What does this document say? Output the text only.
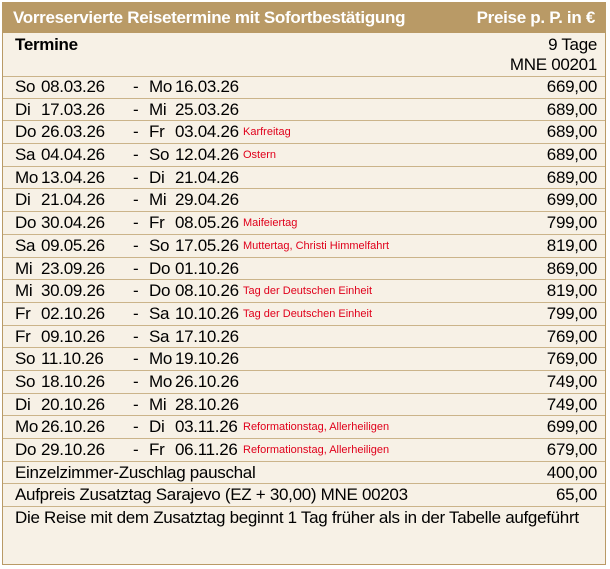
Vorreservierte Reisetermine mit Sofortbestätigung	Preise p. P. in €
Termine	9 Tage
MNE 00201
So 08.03.26 - Mo 16.03.26	669,00
Di 17.03.26 - Mi 25.03.26	689,00
Do 26.03.26 - Fr 03.04.26 Karfreitag	689,00
Sa 04.04.26 - So 12.04.26 Ostern	689,00
Mo 13.04.26 - Di 21.04.26	689,00
Di 21.04.26 - Mi 29.04.26	699,00
Do 30.04.26 - Fr 08.05.26 Maifeiertag	799,00
Sa 09.05.26 - So 17.05.26 Muttertag, Christi Himmelfahrt	819,00
Mi 23.09.26 - Do 01.10.26	869,00
Mi 30.09.26 - Do 08.10.26 Tag der Deutschen Einheit	819,00
Fr 02.10.26 - Sa 10.10.26 Tag der Deutschen Einheit	799,00
Fr 09.10.26 - Sa 17.10.26	769,00
So 11.10.26 - Mo 19.10.26	769,00
So 18.10.26 - Mo 26.10.26	749,00
Di 20.10.26 - Mi 28.10.26	749,00
Mo 26.10.26 - Di 03.11.26 Reformationstag, Allerheiligen	699,00
Do 29.10.26 - Fr 06.11.26 Reformationstag, Allerheiligen	679,00
Einzelzimmer-Zuschlag pauschal	400,00
Aufpreis Zusatztag Sarajevo (EZ + 30,00) MNE 00203	65,00
Die Reise mit dem Zusatztag beginnt 1 Tag früher als in der Tabelle aufgeführt
